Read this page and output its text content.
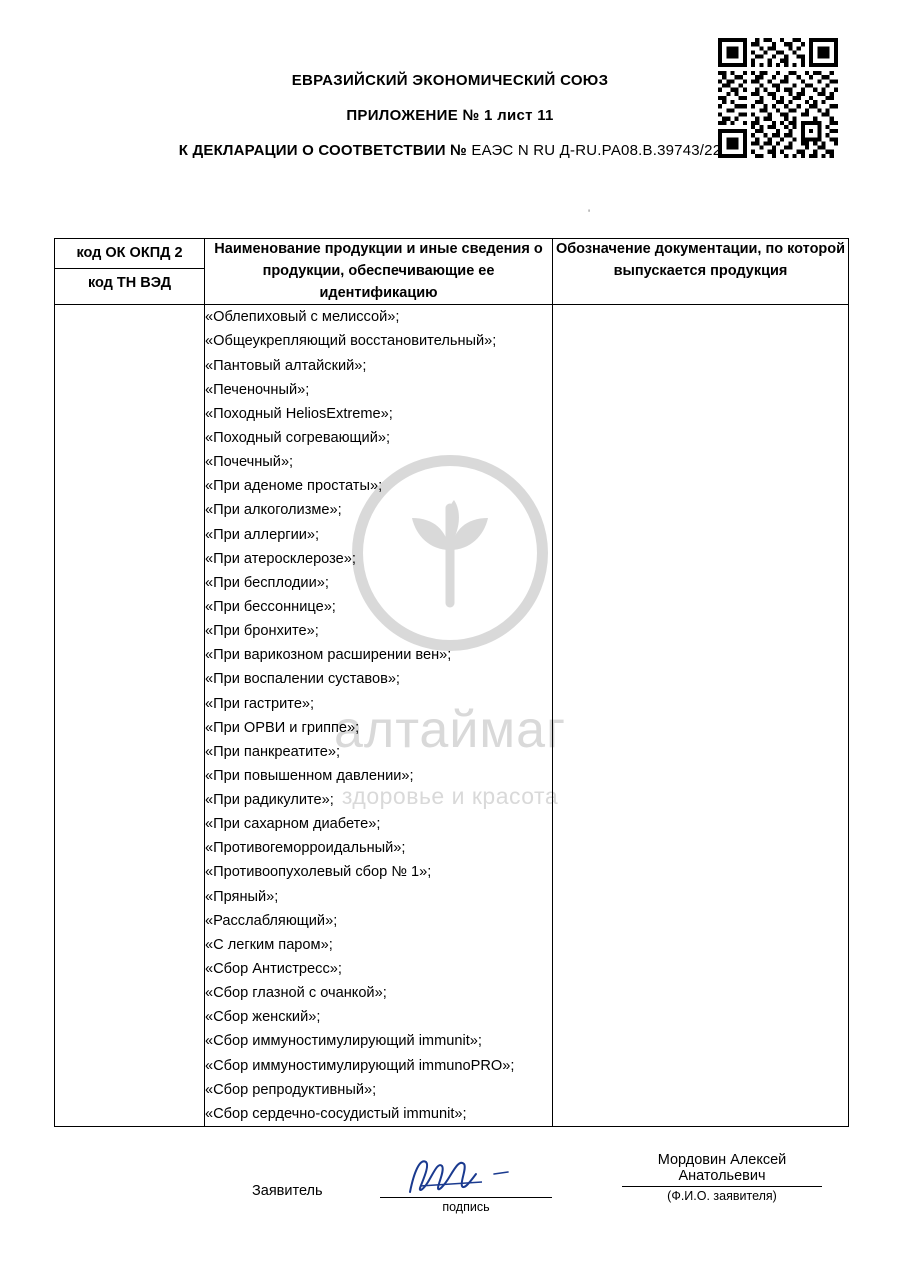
алтаймаг
здоровье и красота
ЕВРАЗИЙСКИЙ ЭКОНОМИЧЕСКИЙ СОЮЗ
ПРИЛОЖЕНИЕ № 1 лист 11
К ДЕКЛАРАЦИИ О СООТВЕТСТВИИ № ЕАЭС N RU Д-RU.РА08.В.39743/22
'
код ОК ОКПД 2
код ТН ВЭД	Наименование продукции и иные сведения о продукции, обеспечивающие ее идентификацию	Обозначение документации, по которой выпускается продукция

«Облепиховый с мелиссой»;
«Общеукрепляющий восстановительный»;
«Пантовый алтайский»;
«Печеночный»;
«Походный HeliosExtreme»;
«Походный согревающий»;
«Почечный»;
«При аденоме простаты»;
«При алкоголизме»;
«При аллергии»;
«При атеросклерозе»;
«При бесплодии»;
«При бессоннице»;
«При бронхите»;
«При варикозном расширении вен»;
«При воспалении суставов»;
«При гастрите»;
«При ОРВИ и гриппе»;
«При панкреатите»;
«При повышенном давлении»;
«При радикулите»;
«При сахарном диабете»;
«Противогеморроидальный»;
«Противоопухолевый сбор № 1»;
«Пряный»;
«Расслабляющий»;
«С легким паром»;
«Сбор Антистресс»;
«Сбор глазной с очанкой»;
«Сбор женский»;
«Сбор иммуностимулирующий immunit»;
«Сбор иммуностимулирующий immunoPRO»;
«Сбор репродуктивный»;
«Сбор сердечно-сосудистый immunit»;

Заявитель
подпись
Мордовин Алексей
Анатольевич
(Ф.И.О. заявителя)
